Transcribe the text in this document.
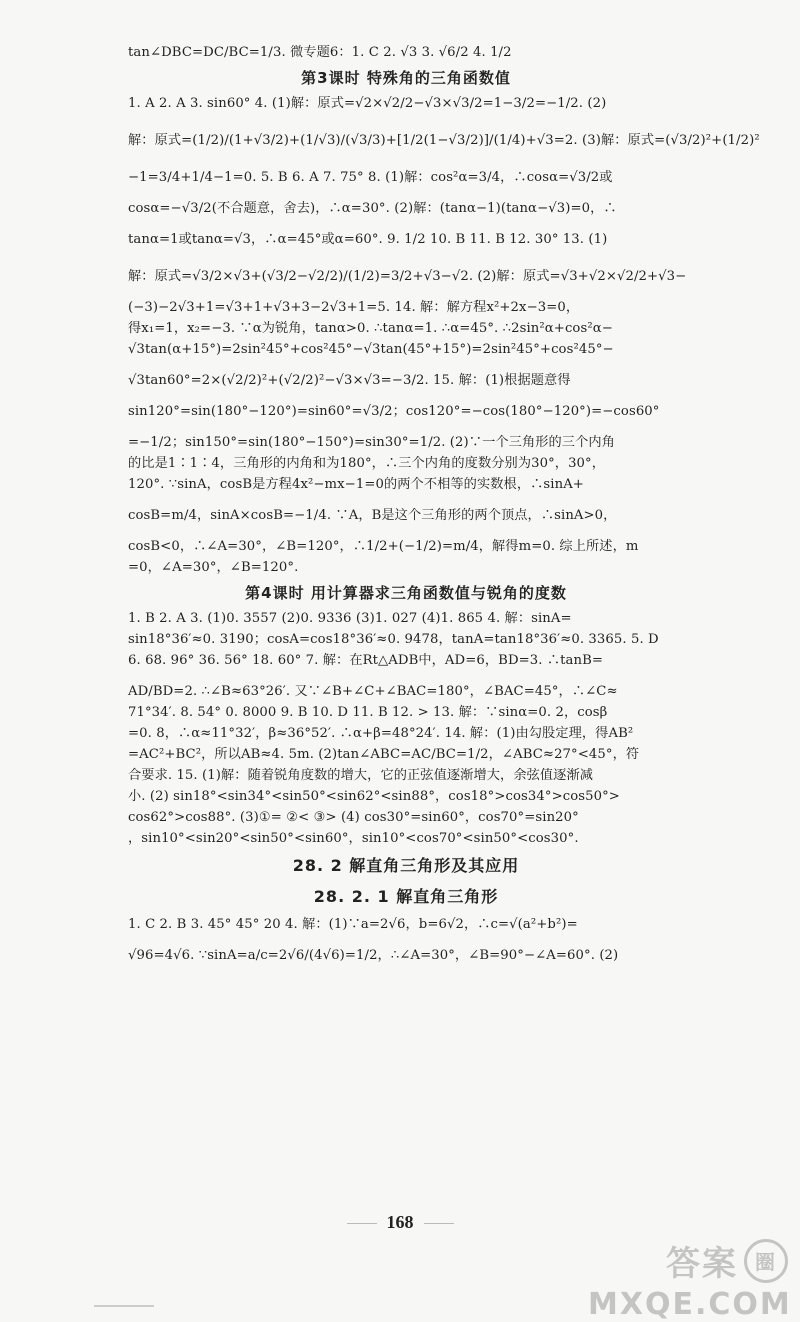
tan∠DBC=DC/BC=1/3. 微专题6：1. C 2. √3 3. √6/2 4. 1/2

第3课时 特殊角的三角函数值

1. A 2. A 3. sin60° 4. (1)解：原式=√2×√2/2−√3×√3/2=1−3/2=−1/2. (2)

解：原式=(1/2)/(1+√3/2)+(1/√3)/(√3/3)+[1/2(1−√3/2)]/(1/4)+√3=2. (3)解：原式=(√3/2)²+(1/2)²

−1=3/4+1/4−1=0. 5. B 6. A 7. 75° 8. (1)解：cos²α=3/4，∴cosα=√3/2或

cosα=−√3/2(不合题意，舍去)，∴α=30°. (2)解：(tanα−1)(tanα−√3)=0，∴

tanα=1或tanα=√3，∴α=45°或α=60°. 9. 1/2 10. B 11. B 12. 30° 13. (1)

解：原式=√3/2×√3+(√3/2−√2/2)/(1/2)=3/2+√3−√2. (2)解：原式=√3+√2×√2/2+√3−

(−3)−2√3+1=√3+1+√3+3−2√3+1=5. 14. 解：解方程x²+2x−3=0，

得x₁=1，x₂=−3. ∵α为锐角，tanα>0. ∴tanα=1. ∴α=45°. ∴2sin²α+cos²α−

√3tan(α+15°)=2sin²45°+cos²45°−√3tan(45°+15°)=2sin²45°+cos²45°−

√3tan60°=2×(√2/2)²+(√2/2)²−√3×√3=−3/2. 15. 解：(1)根据题意得

sin120°=sin(180°−120°)=sin60°=√3/2；cos120°=−cos(180°−120°)=−cos60°

=−1/2；sin150°=sin(180°−150°)=sin30°=1/2. (2)∵一个三角形的三个内角

的比是1∶1∶4，三角形的内角和为180°，∴三个内角的度数分别为30°，30°，

120°. ∵sinA，cosB是方程4x²−mx−1=0的两个不相等的实数根，∴sinA+

cosB=m/4，sinA×cosB=−1/4. ∵A，B是这个三角形的两个顶点，∴sinA>0，

cosB<0，∴∠A=30°，∠B=120°，∴1/2+(−1/2)=m/4，解得m=0. 综上所述，m

=0，∠A=30°，∠B=120°.

第4课时 用计算器求三角函数值与锐角的度数

1. B 2. A 3. (1)0. 3557 (2)0. 9336 (3)1. 027 (4)1. 865 4. 解：sinA=

sin18°36′≈0. 3190；cosA=cos18°36′≈0. 9478，tanA=tan18°36′≈0. 3365. 5. D

6. 68. 96° 36. 56° 18. 60° 7. 解：在Rt△ADB中，AD=6，BD=3. ∴tanB=

AD/BD=2. ∴∠B≈63°26′. 又∵∠B+∠C+∠BAC=180°，∠BAC=45°，∴∠C≈

71°34′. 8. 54° 0. 8000 9. B 10. D 11. B 12. > 13. 解：∵sinα=0. 2，cosβ

=0. 8，∴α≈11°32′，β≈36°52′. ∴α+β=48°24′. 14. 解：(1)由勾股定理，得AB²

=AC²+BC²，所以AB≈4. 5m. (2)tan∠ABC=AC/BC=1/2，∠ABC≈27°<45°，符

合要求. 15. (1)解：随着锐角度数的增大，它的正弦值逐渐增大，余弦值逐渐减

小. (2) sin18°<sin34°<sin50°<sin62°<sin88°，cos18°>cos34°>cos50°>

cos62°>cos88°. (3)①= ②< ③> (4) cos30°=sin60°，cos70°=sin20°

，sin10°<sin20°<sin50°<sin60°，sin10°<cos70°<sin50°<cos30°.

28. 2 解直角三角形及其应用
28. 2. 1 解直角三角形

1. C 2. B 3. 45° 45° 20 4. 解：(1)∵a=2√6，b=6√2，∴c=√(a²+b²)=

√96=4√6. ∵sinA=a/c=2√6/(4√6)=1/2，∴∠A=30°，∠B=90°−∠A=60°. (2)

168
答案 圈
MXQE.COM
